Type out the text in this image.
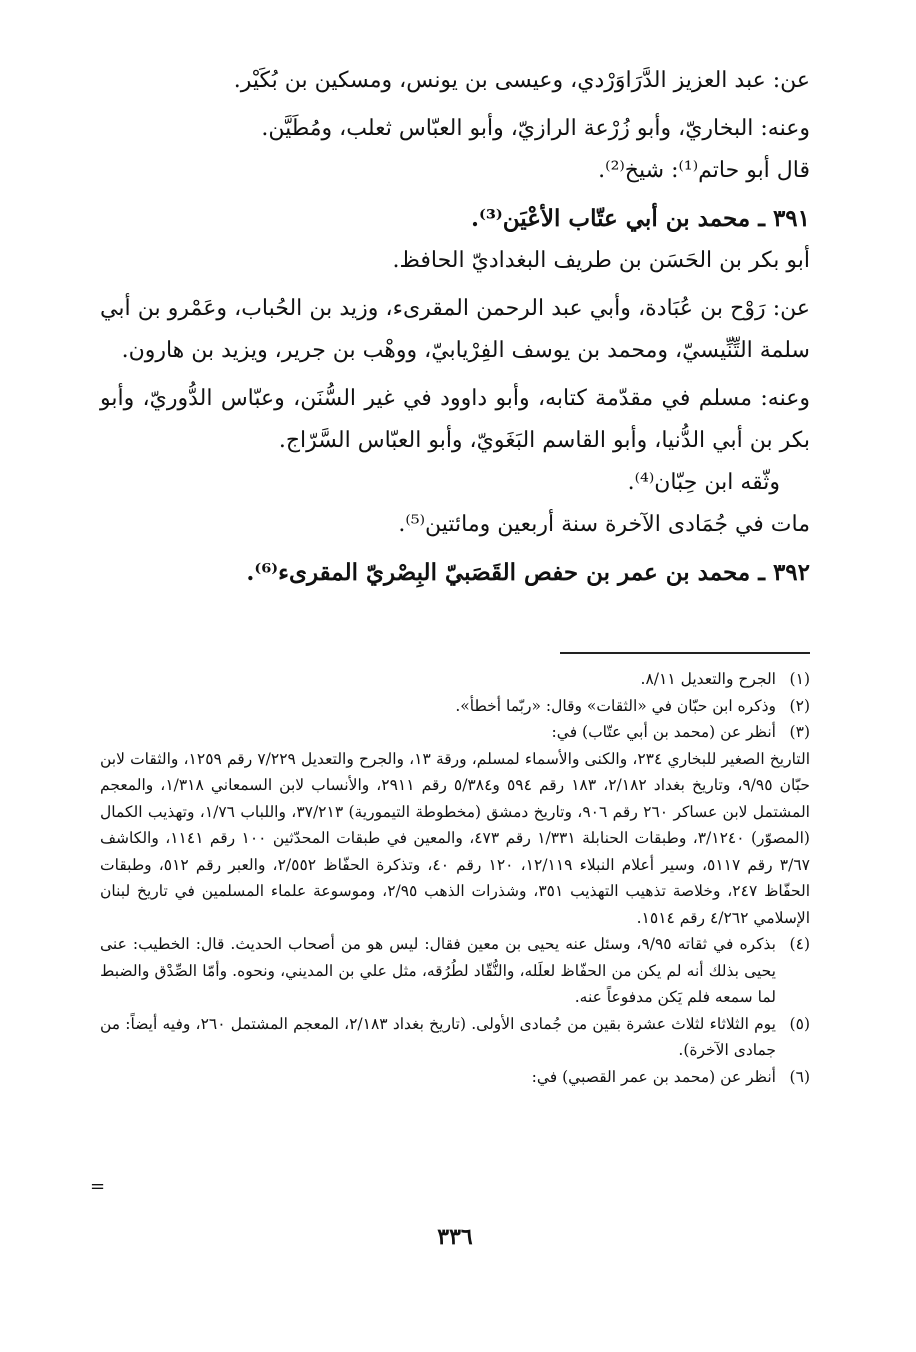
عن: عبد العزيز الدَّرَاوَرْدي، وعيسى بن يونس، ومسكين بن بُكَيْر.

وعنه: البخاريّ، وأبو زُرْعة الرازيّ، وأبو العبّاس ثعلب، ومُطَيَّن.

قال أبو حاتم⁽¹⁾: شيخ⁽²⁾.

٣٩١ ـ محمد بن أبي عتّاب الأعْيَن⁽³⁾.

أبو بكر بن الحَسَن بن طريف البغداديّ الحافظ.

عن: رَوْح بن عُبَادة، وأبي عبد الرحمن المقرىء، وزيد بن الحُباب، وعَمْرو بن أبي سلمة التِّنِّيسيّ، ومحمد بن يوسف الفِرْيابيّ، ووهْب بن جرير، ويزيد بن هارون.

وعنه: مسلم في مقدّمة كتابه، وأبو داوود في غير السُّنَن، وعبّاس الدُّوريّ، وأبو بكر بن أبي الدُّنيا، وأبو القاسم البَغَويّ، وأبو العبّاس السَّرّاج.

وثّقه ابن حِبّان⁽⁴⁾.

مات في جُمَادى الآخرة سنة أربعين ومائتين⁽⁵⁾.

٣٩٢ ـ محمد بن عمر بن حفص القَصَبيّ البِصْريّ المقرىء⁽⁶⁾.

(١)
الجرح والتعديل ٨/١١.
(٢)
وذكره ابن حبّان في «الثقات» وقال: «ربّما أخطأ».
(٣)
أنظر عن (محمد بن أبي عتّاب) في:
التاريخ الصغير للبخاري ٢٣٤، والكنى والأسماء لمسلم، ورقة ١٣، والجرح والتعديل ٧/٢٢٩ رقم ١٢٥٩، والثقات لابن حبّان ٩/٩٥، وتاريخ بغداد ٢/١٨٢، ١٨٣ رقم ٥٩٤ و٥/٣٨٤ رقم ٢٩١١، والأنساب لابن السمعاني ١/٣١٨، والمعجم المشتمل لابن عساكر ٢٦٠ رقم ٩٠٦، وتاريخ دمشق (مخطوطة التيمورية) ٣٧/٢١٣، واللباب ١/٧٦، وتهذيب الكمال (المصوّر) ٣/١٢٤٠، وطبقات الحنابلة ١/٣٣١ رقم ٤٧٣، والمعين في طبقات المحدّثين ١٠٠ رقم ١١٤١، والكاشف ٣/٦٧ رقم ٥١١٧، وسير أعلام النبلاء ١٢/١١٩، ١٢٠ رقم ٤٠، وتذكرة الحفّاظ ٢/٥٥٢، والعبر رقم ٥١٢، وطبقات الحفّاظ ٢٤٧، وخلاصة تذهيب التهذيب ٣٥١، وشذرات الذهب ٢/٩٥، وموسوعة علماء المسلمين في تاريخ لبنان الإسلامي ٤/٢٦٢ رقم ١٥١٤.
(٤)
بذكره في ثقاته ٩/٩٥، وسئل عنه يحيى بن معين فقال: ليس هو من أصحاب الحديث. قال: الخطيب: عنى يحيى بذلك أنه لم يكن من الحفّاظ لعلَله، والنُّقّاد لطُرُقه، مثل علي بن المديني، ونحوه. وأمّا الصِّدْق والضبط لما سمعه فلم يَكن مدفوعاً عنه.
(٥)
يوم الثلاثاء لثلاث عشرة بقين من جُمادى الأولى. (تاريخ بغداد ٢/١٨٣، المعجم المشتمل ٢٦٠، وفيه أيضاً: من جمادى الآخرة).
(٦)
أنظر عن (محمد بن عمر القصبي) في:
=
٣٣٦
